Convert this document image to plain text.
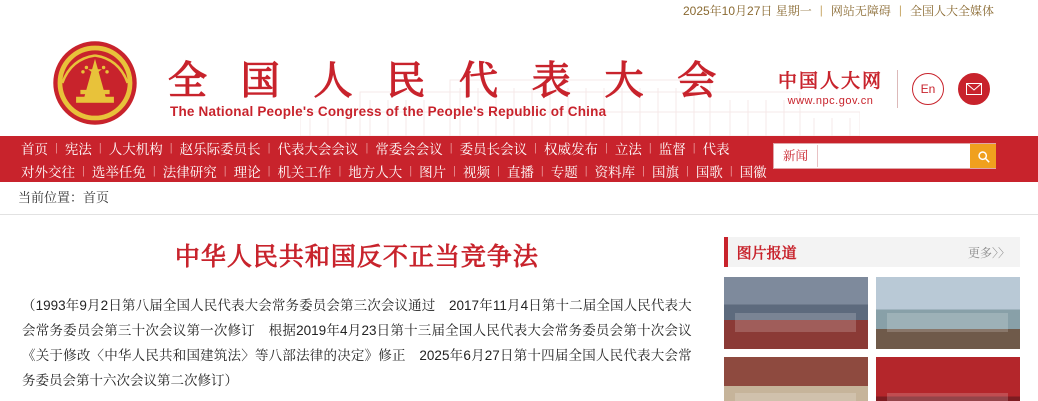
2025年10月27日 星期一 | 网站无障碍 | 全国人大全媒体
全 国 人 民 代 表 大 会
The National People's Congress of the People's Republic of China
中国人大网
www.npc.gov.cn
En
首页 | 宪法 | 人大机构 | 赵乐际委员长 | 代表大会会议 | 常委会会议 | 委员长会议 | 权威发布 | 立法 | 监督 | 代表
对外交往 | 选举任免 | 法律研究 | 理论 | 机关工作 | 地方人大 | 图片 | 视频 | 直播 | 专题 | 资料库 | 国旗 | 国歌 | 国徽
新闻
当前位置：首页
中华人民共和国反不正当竞争法
（1993年9月2日第八届全国人民代表大会常务委员会第三次会议通过　2017年11月4日第十二届全国人民代表大会常务委员会第三十次会议第一次修订　根据2019年4月23日第十三届全国人民代表大会常务委员会第十次会议《关于修改〈中华人民共和国建筑法〉等八部法律的决定》修正　2025年6月27日第十四届全国人民代表大会常务委员会第十六次会议第二次修订）
图片报道	更多〉〉
